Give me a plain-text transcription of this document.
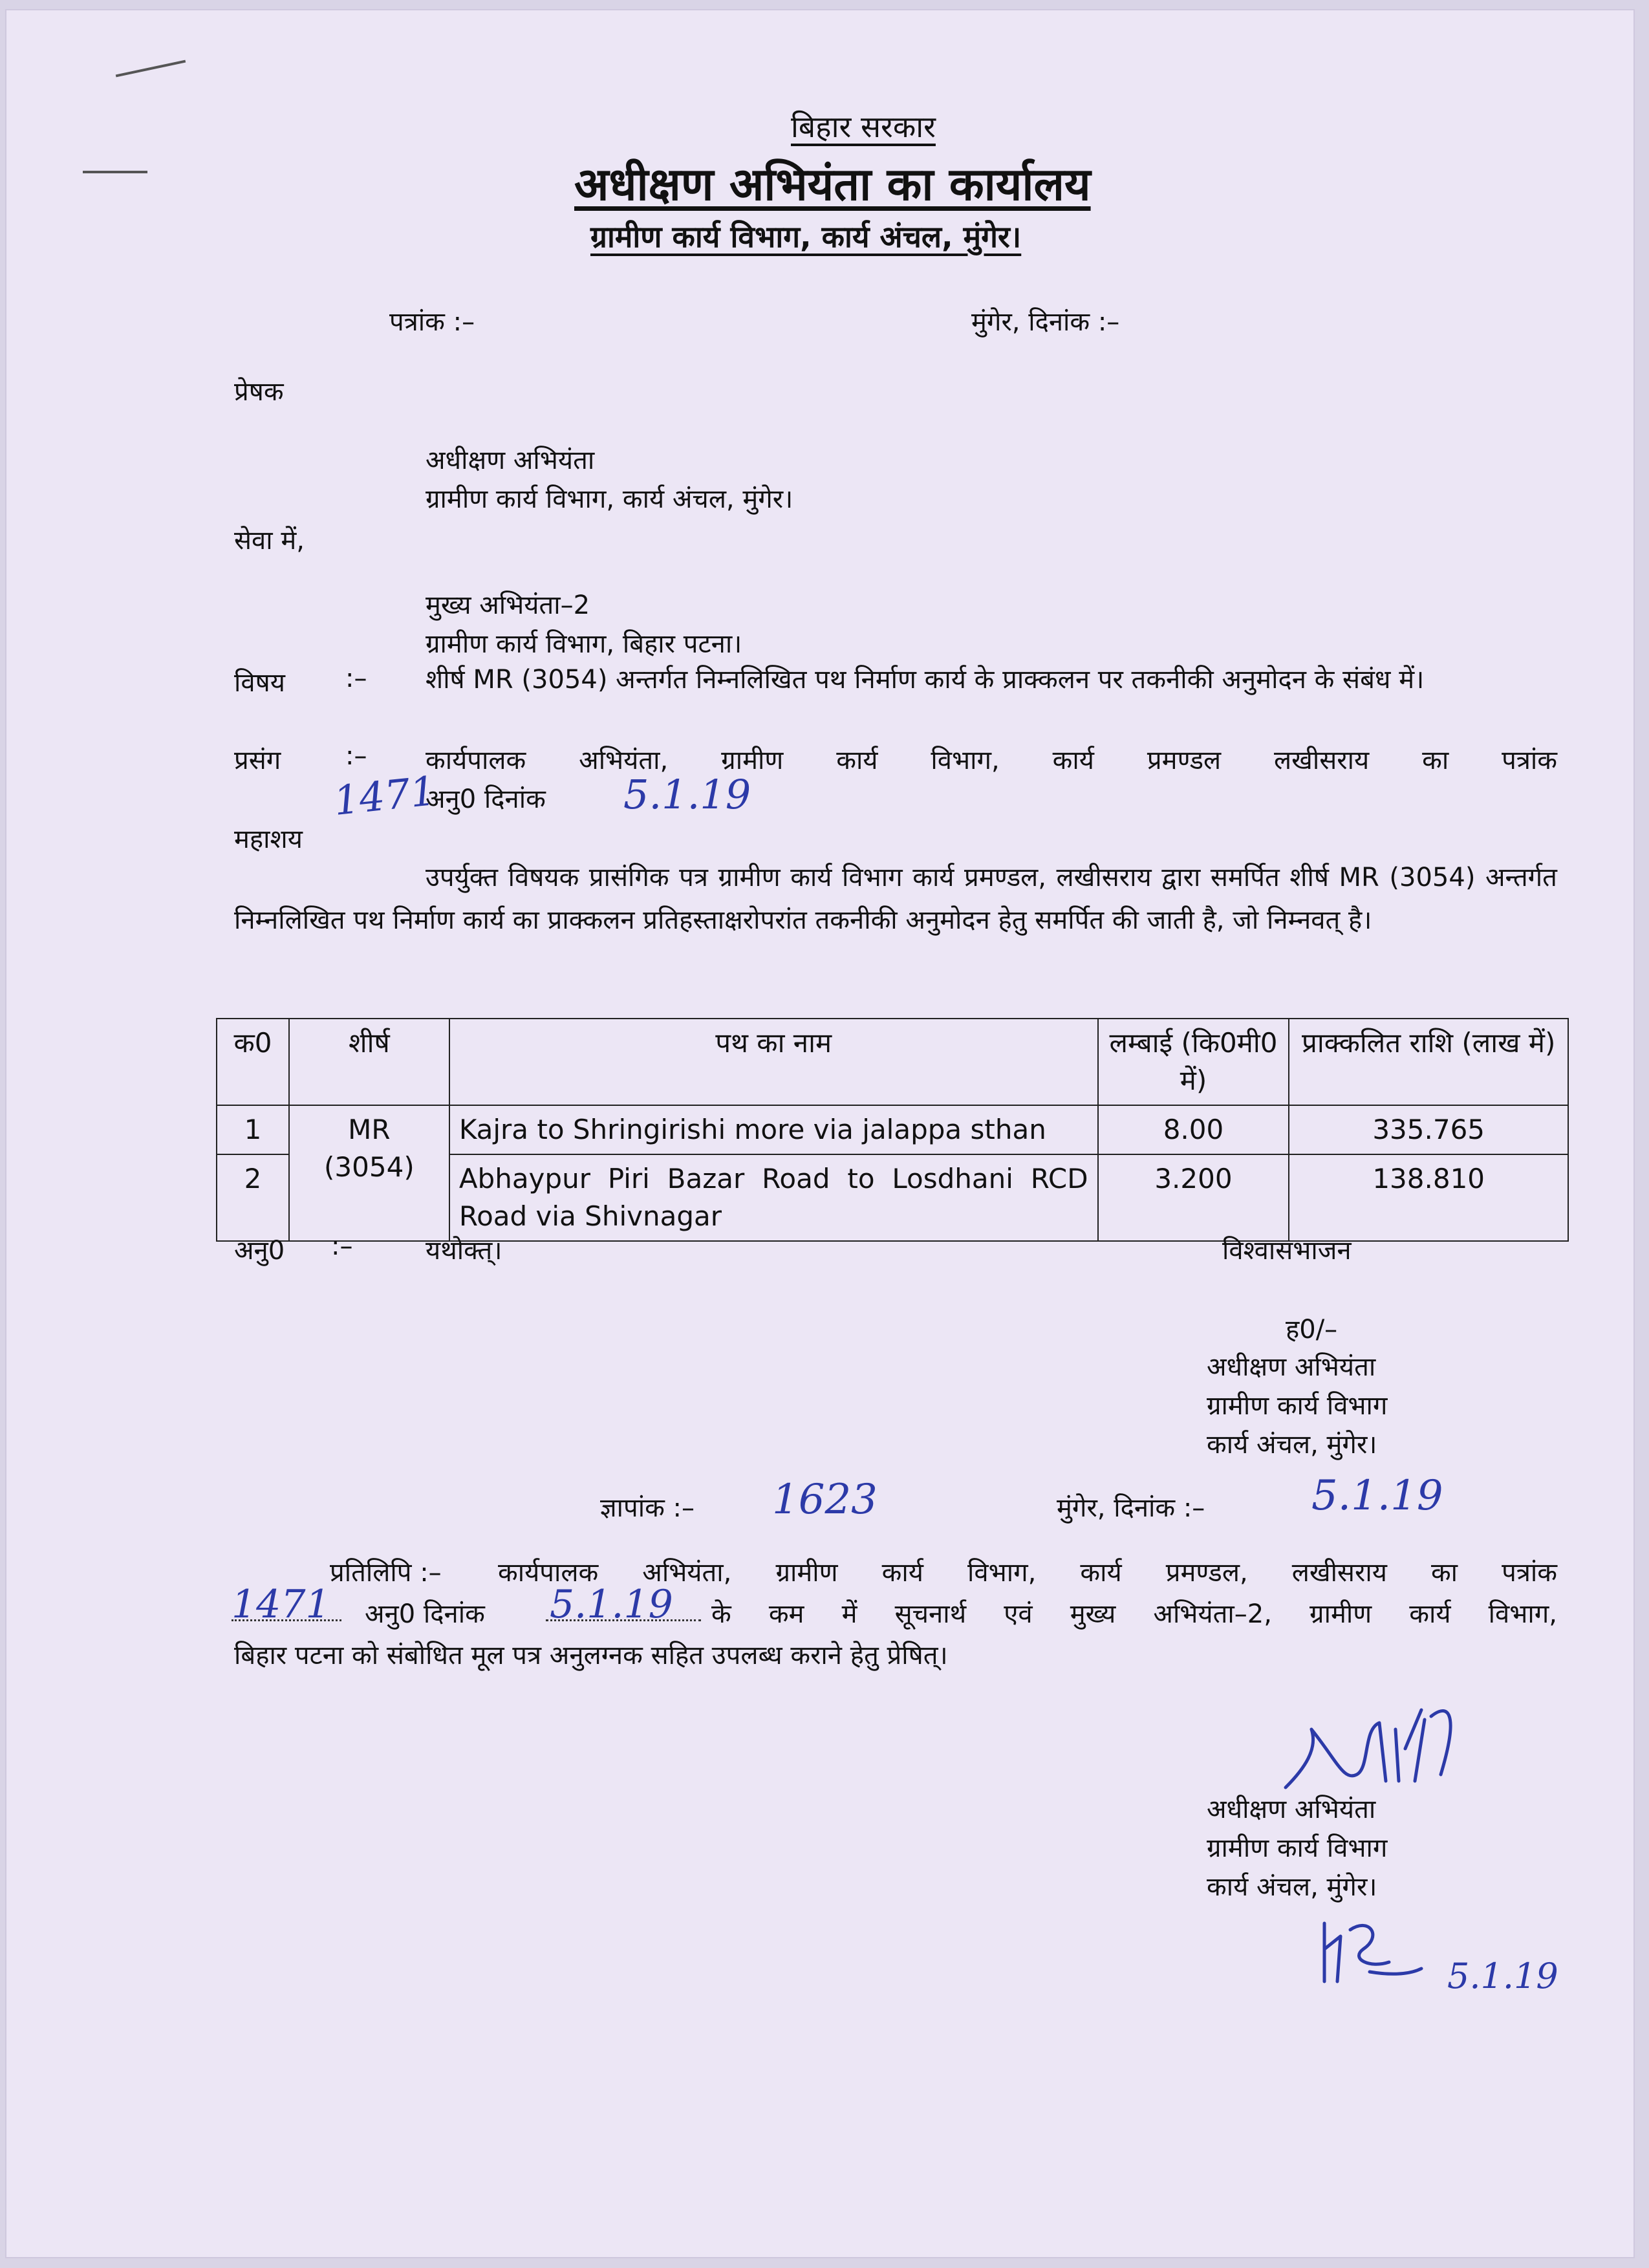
बिहार सरकार
अधीक्षण अभियंता का कार्यालय
ग्रामीण कार्य विभाग, कार्य अंचल, मुंगेर।
पत्रांक :–	मुंगेर, दिनांक :–
प्रेषक
अधीक्षण अभियंता
ग्रामीण कार्य विभाग, कार्य अंचल, मुंगेर।
सेवा में,
मुख्य अभियंता–2
ग्रामीण कार्य विभाग, बिहार पटना।
विषय :– शीर्ष MR (3054) अन्तर्गत निम्नलिखित पथ निर्माण कार्य के प्राक्कलन पर तकनीकी अनुमोदन के संबंध में।
प्रसंग :– कार्यपालक अभियंता, ग्रामीण कार्य विभाग, कार्य प्रमण्डल लखीसराय का पत्रांक
1471
अनु0 दिनांक 5.1.19
महाशय
उपर्युक्त विषयक प्रासंगिक पत्र ग्रामीण कार्य विभाग कार्य प्रमण्डल, लखीसराय द्वारा समर्पित शीर्ष MR (3054) अन्तर्गत निम्नलिखित पथ निर्माण कार्य का प्राक्कलन प्रतिहस्ताक्षरोपरांत तकनीकी अनुमोदन हेतु समर्पित की जाती है, जो निम्नवत् है।
क0	शीर्ष	पथ का नाम	लम्बाई (कि0मी0 में)	प्राक्कलित राशि (लाख में)
1	MR (3054)	Kajra to Shringirishi more via jalappa sthan	8.00	335.765
2		Abhaypur Piri Bazar Road to Losdhani RCD Road via Shivnagar	3.200	138.810
अनु0 :–	यथोक्त्।	विश्वासभाजन
ह0/–
अधीक्षण अभियंता
ग्रामीण कार्य विभाग
कार्य अंचल, मुंगेर।
ज्ञापांक :– 1623	मुंगेर, दिनांक :–	5.1.19
प्रतिलिपि :– कार्यपालक अभियंता, ग्रामीण कार्य विभाग, कार्य प्रमण्डल, लखीसराय का पत्रांक
1471 अनु0 दिनांक 5.1.19 के कम में सूचनार्थ एवं मुख्य अभियंता–2, ग्रामीण कार्य विभाग,
बिहार पटना को संबोधित मूल पत्र अनुलग्नक सहित उपलब्ध कराने हेतु प्रेषित्।
अधीक्षण अभियंता
ग्रामीण कार्य विभाग
कार्य अंचल, मुंगेर।
5.1.19
